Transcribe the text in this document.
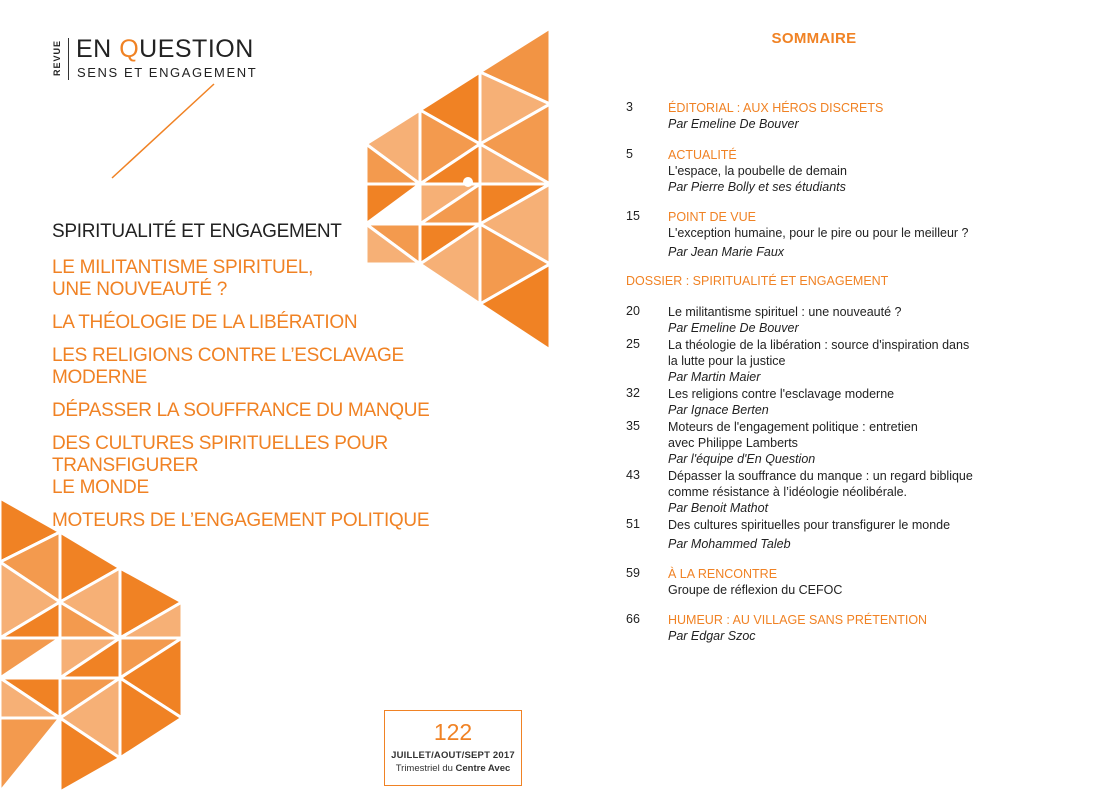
REVUE EN QUESTION
SENS ET ENGAGEMENT
SPIRITUALITÉ ET ENGAGEMENT
LE MILITANTISME SPIRITUEL,
UNE NOUVEAUTÉ ?
LA THÉOLOGIE DE LA LIBÉRATION
LES RELIGIONS CONTRE L’ESCLAVAGE MODERNE
DÉPASSER LA SOUFFRANCE DU MANQUE
DES CULTURES SPIRITUELLES POUR TRANSFIGURER
LE MONDE
MOTEURS DE L’ENGAGEMENT POLITIQUE
122
JUILLET/AOUT/SEPT 2017
Trimestriel du Centre Avec
SOMMAIRE
3	ÉDITORIAL : AUX HÉROS DISCRETS
Par Emeline De Bouver
5	ACTUALITÉ
L'espace, la poubelle de demain
Par Pierre Bolly et ses étudiants
15	POINT DE VUE
L'exception humaine, pour le pire ou pour le meilleur ?
Par Jean Marie Faux
DOSSIER : SPIRITUALITÉ ET ENGAGEMENT
20	Le militantisme spirituel : une nouveauté ?
Par Emeline De Bouver
25	La théologie de la libération : source d'inspiration dans
la lutte pour la justice
Par Martin Maier
32	Les religions contre l'esclavage moderne
Par Ignace Berten
35	Moteurs de l'engagement politique : entretien
avec Philippe Lamberts
Par l'équipe d'En Question
43	Dépasser la souffrance du manque : un regard biblique
comme résistance à l’idéologie néolibérale.
Par Benoit Mathot
51	Des cultures spirituelles pour transfigurer le monde
Par Mohammed Taleb
59	À LA RENCONTRE
Groupe de réflexion du CEFOC
66	HUMEUR : AU VILLAGE SANS PRÉTENTION
Par Edgar Szoc
